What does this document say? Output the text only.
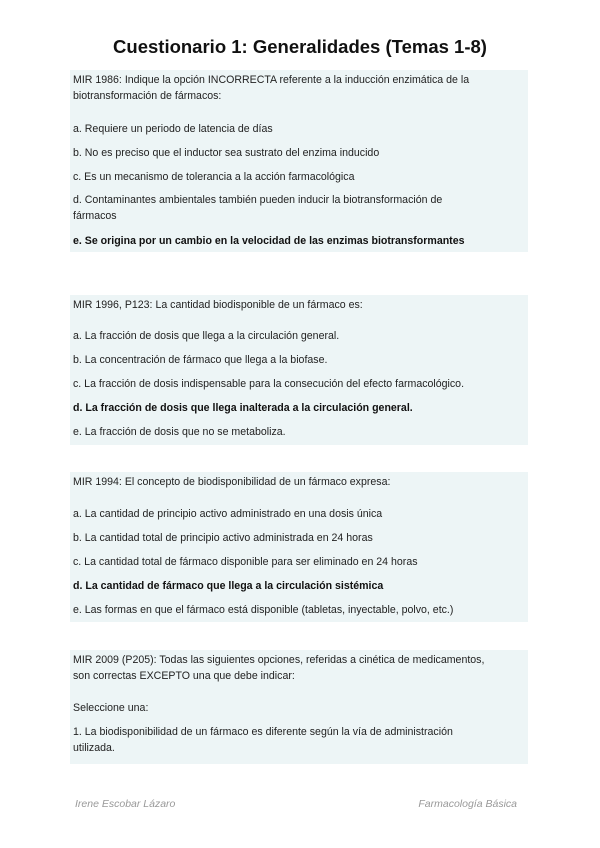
Cuestionario 1: Generalidades (Temas 1-8)
MIR 1986: Indique la opción INCORRECTA referente a la inducción enzimática de la
biotransformación de fármacos:
a. Requiere un periodo de latencia de días
b. No es preciso que el inductor sea sustrato del enzima inducido
c. Es un mecanismo de tolerancia a la acción farmacológica
d. Contaminantes ambientales también pueden inducir la biotransformación de
fármacos
e. Se origina por un cambio en la velocidad de las enzimas biotransformantes
MIR 1996, P123: La cantidad biodisponible de un fármaco es:
a. La fracción de dosis que llega a la circulación general.
b. La concentración de fármaco que llega a la biofase.
c. La fracción de dosis indispensable para la consecución del efecto farmacológico.
d. La fracción de dosis que llega inalterada a la circulación general.
e. La fracción de dosis que no se metaboliza.
MIR 1994: El concepto de biodisponibilidad de un fármaco expresa:
a. La cantidad de principio activo administrado en una dosis única
b. La cantidad total de principio activo administrada en 24 horas
c. La cantidad total de fármaco disponible para ser eliminado en 24 horas
d. La cantidad de fármaco que llega a la circulación sistémica
e. Las formas en que el fármaco está disponible (tabletas, inyectable, polvo, etc.)
MIR 2009 (P205): Todas las siguientes opciones, referidas a cinética de medicamentos,
son correctas EXCEPTO una que debe indicar:
Seleccione una:
1. La biodisponibilidad de un fármaco es diferente según la vía de administración
utilizada.
Irene Escobar Lázaro	Farmacología Básica
